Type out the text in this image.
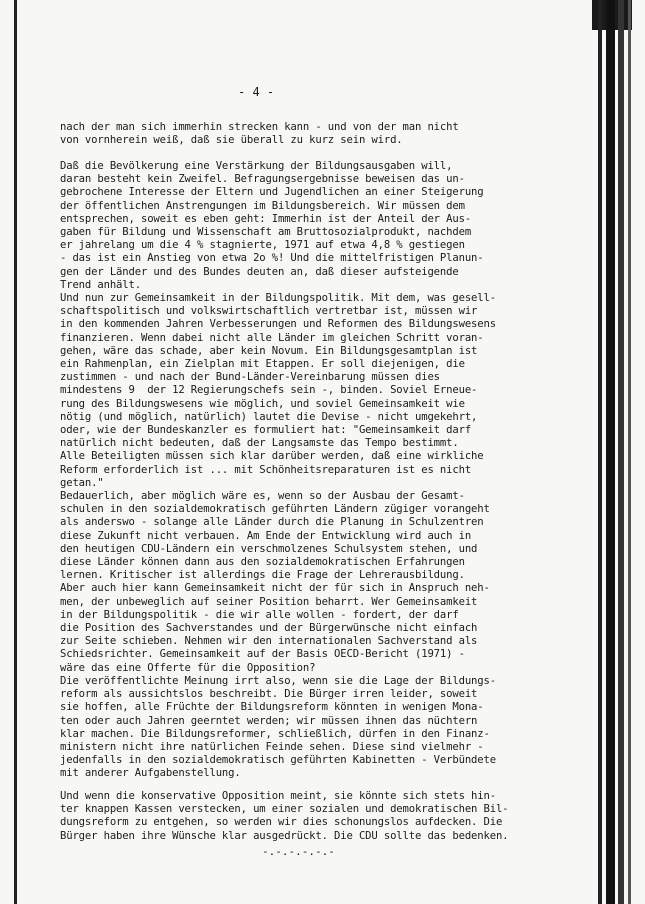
- 4 -
nach der man sich immerhin strecken kann - und von der man nicht
von vornherein weiß, daß sie überall zu kurz sein wird.
Daß die Bevölkerung eine Verstärkung der Bildungsausgaben will,
daran besteht kein Zweifel. Befragungsergebnisse beweisen das un-
gebrochene Interesse der Eltern und Jugendlichen an einer Steigerung
der öffentlichen Anstrengungen im Bildungsbereich. Wir müssen dem
entsprechen, soweit es eben geht: Immerhin ist der Anteil der Aus-
gaben für Bildung und Wissenschaft am Bruttosozialprodukt, nachdem
er jahrelang um die 4 % stagnierte, 1971 auf etwa 4,8 % gestiegen
- das ist ein Anstieg von etwa 2o %! Und die mittelfristigen Planun-
gen der Länder und des Bundes deuten an, daß dieser aufsteigende
Trend anhält.
Und nun zur Gemeinsamkeit in der Bildungspolitik. Mit dem, was gesell-
schaftspolitisch und volkswirtschaftlich vertretbar ist, müssen wir
in den kommenden Jahren Verbesserungen und Reformen des Bildungswesens
finanzieren. Wenn dabei nicht alle Länder im gleichen Schritt voran-
gehen, wäre das schade, aber kein Novum. Ein Bildungsgesamtplan ist
ein Rahmenplan, ein Zielplan mit Etappen. Er soll diejenigen, die
zustimmen - und nach der Bund-Länder-Vereinbarung müssen dies
mindestens 9  der 12 Regierungschefs sein -, binden. Soviel Erneue-
rung des Bildungswesens wie möglich, und soviel Gemeinsamkeit wie
nötig (und möglich, natürlich) lautet die Devise - nicht umgekehrt,
oder, wie der Bundeskanzler es formuliert hat: "Gemeinsamkeit darf
natürlich nicht bedeuten, daß der Langsamste das Tempo bestimmt.
Alle Beteiligten müssen sich klar darüber werden, daß eine wirkliche
Reform erforderlich ist ... mit Schönheitsreparaturen ist es nicht
getan."
Bedauerlich, aber möglich wäre es, wenn so der Ausbau der Gesamt-
schulen in den sozialdemokratisch geführten Ländern zügiger vorangeht
als anderswo - solange alle Länder durch die Planung in Schulzentren
diese Zukunft nicht verbauen. Am Ende der Entwicklung wird auch in
den heutigen CDU-Ländern ein verschmolzenes Schulsystem stehen, und
diese Länder können dann aus den sozialdemokratischen Erfahrungen
lernen. Kritischer ist allerdings die Frage der Lehrerausbildung.
Aber auch hier kann Gemeinsamkeit nicht der für sich in Anspruch neh-
men, der unbeweglich auf seiner Position beharrt. Wer Gemeinsamkeit
in der Bildungspolitik - die wir alle wollen - fordert, der darf
die Position des Sachverstandes und der Bürgerwünsche nicht einfach
zur Seite schieben. Nehmen wir den internationalen Sachverstand als
Schiedsrichter. Gemeinsamkeit auf der Basis OECD-Bericht (1971) -
wäre das eine Offerte für die Opposition?
Die veröffentlichte Meinung irrt also, wenn sie die Lage der Bildungs-
reform als aussichtslos beschreibt. Die Bürger irren leider, soweit
sie hoffen, alle Früchte der Bildungsreform könnten in wenigen Mona-
ten oder auch Jahren geerntet werden; wir müssen ihnen das nüchtern
klar machen. Die Bildungsreformer, schließlich, dürfen in den Finanz-
ministern nicht ihre natürlichen Feinde sehen. Diese sind vielmehr -
jedenfalls in den sozialdemokratisch geführten Kabinetten - Verbündete
mit anderer Aufgabenstellung.
Und wenn die konservative Opposition meint, sie könnte sich stets hin-
ter knappen Kassen verstecken, um einer sozialen und demokratischen Bil-
dungsreform zu entgehen, so werden wir dies schonungslos aufdecken. Die
Bürger haben ihre Wünsche klar ausgedrückt. Die CDU sollte das bedenken.
-.-.-.-.-.-
